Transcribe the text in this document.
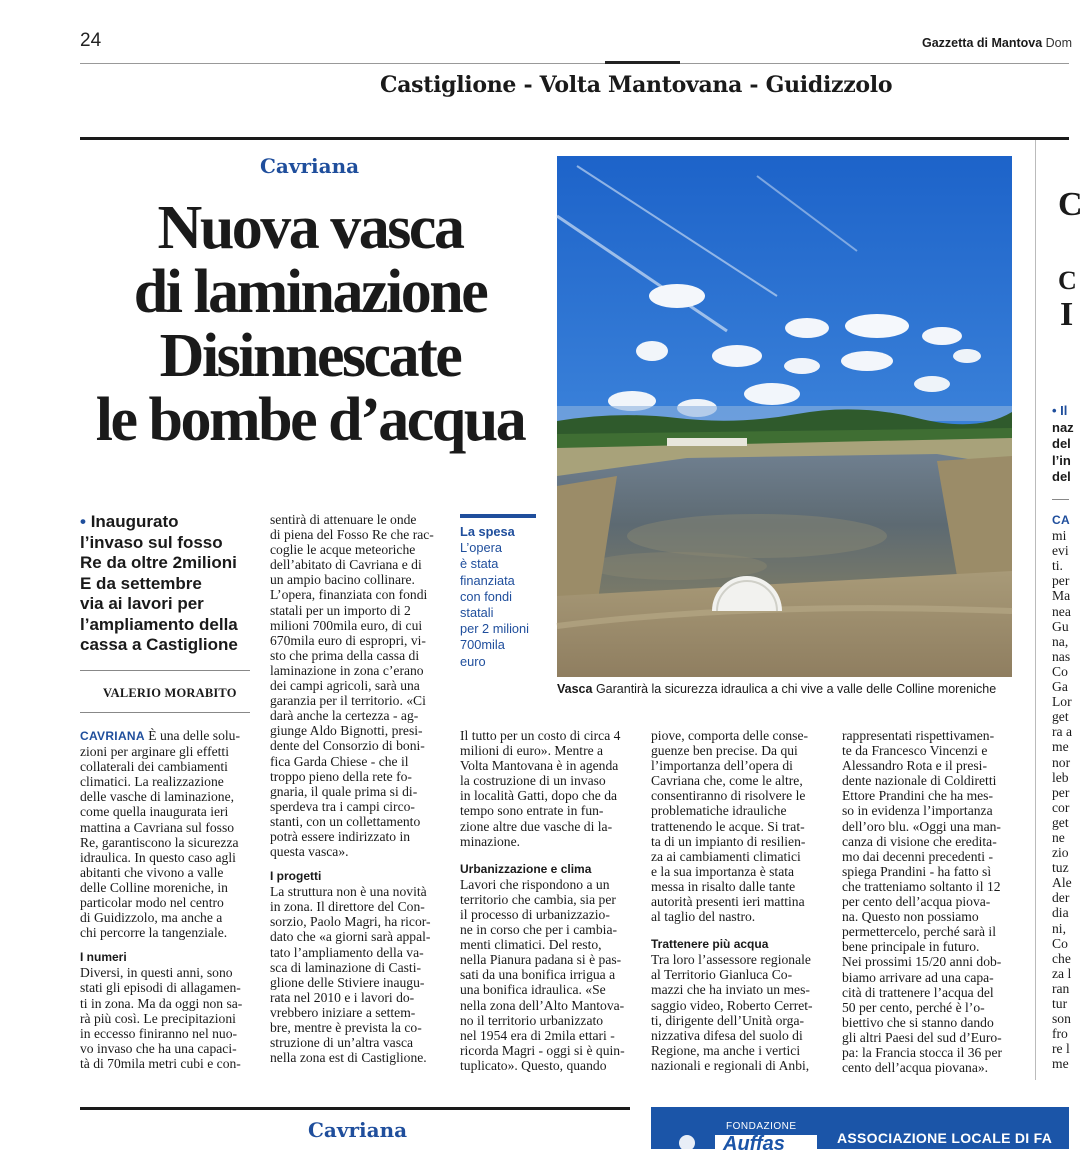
24	Gazzetta di Mantova Dom
Castiglione - Volta Mantovana - Guidizzolo
Cavriana
Nuova vasca
di laminazione
Disinnescate
le bombe d’acqua
• Inaugurato
l’invaso sul fosso
Re da oltre 2milioni
E da settembre
via ai lavori per
l’ampliamento della
cassa a Castiglione
VALERIO MORABITO	Vasca Garantirà la sicurezza idraulica a chi vive a valle delle Colline moreniche
La spesa
L’opera
è stata
finanziata
con fondi
statali
per 2 milioni
700mila
euro
CAVRIANA È una delle solu-
zioni per arginare gli effetti
collaterali dei cambiamenti
climatici. La realizzazione
delle vasche di laminazione,
come quella inaugurata ieri
mattina a Cavriana sul fosso
Re, garantiscono la sicurezza
idraulica. In questo caso agli
abitanti che vivono a valle
delle Colline moreniche, in
particolar modo nel centro
di Guidizzolo, ma anche a
chi percorre la tangenziale.
I numeri
Diversi, in questi anni, sono
stati gli episodi di allagamen-
ti in zona. Ma da oggi non sa-
rà più così. Le precipitazioni
in eccesso finiranno nel nuo-
vo invaso che ha una capaci-
tà di 70mila metri cubi e con-
sentirà di attenuare le onde
di piena del Fosso Re che rac-
coglie le acque meteoriche
dell’abitato di Cavriana e di
un ampio bacino collinare.
L’opera, finanziata con fondi
statali per un importo di 2
milioni 700mila euro, di cui
670mila euro di espropri, vi-
sto che prima della cassa di
laminazione in zona c’erano
dei campi agricoli, sarà una
garanzia per il territorio. «Ci
darà anche la certezza - ag-
giunge Aldo Bignotti, presi-
dente del Consorzio di boni-
fica Garda Chiese - che il
troppo pieno della rete fo-
gnaria, il quale prima si di-
sperdeva tra i campi circo-
stanti, con un collettamento
potrà essere indirizzato in
questa vasca».
I progetti
La struttura non è una novità
in zona. Il direttore del Con-
sorzio, Paolo Magri, ha ricor-
dato che «a giorni sarà appal-
tato l’ampliamento della va-
sca di laminazione di Casti-
glione delle Stiviere inaugu-
rata nel 2010 e i lavori do-
vrebbero iniziare a settem-
bre, mentre è prevista la co-
struzione di un’altra vasca
nella zona est di Castiglione.
Il tutto per un costo di circa 4
milioni di euro». Mentre a
Volta Mantovana è in agenda
la costruzione di un invaso
in località Gatti, dopo che da
tempo sono entrate in fun-
zione altre due vasche di la-
minazione.
Urbanizzazione e clima
Lavori che rispondono a un
territorio che cambia, sia per
il processo di urbanizzazio-
ne in corso che per i cambia-
menti climatici. Del resto,
nella Pianura padana si è pas-
sati da una bonifica irrigua a
una bonifica idraulica. «Se
nella zona dell’Alto Mantova-
no il territorio urbanizzato
nel 1954 era di 2mila ettari -
ricorda Magri - oggi si è quin-
tuplicato». Questo, quando
piove, comporta delle conse-
guenze ben precise. Da qui
l’importanza dell’opera di
Cavriana che, come le altre,
consentiranno di risolvere le
problematiche idrauliche
trattenendo le acque. Si trat-
ta di un impianto di resilien-
za ai cambiamenti climatici
e la sua importanza è stata
messa in risalto dalle tante
autorità presenti ieri mattina
al taglio del nastro.
Trattenere più acqua
Tra loro l’assessore regionale
al Territorio Gianluca Co-
mazzi che ha inviato un mes-
saggio video, Roberto Cerret-
ti, dirigente dell’Unità orga-
nizzativa difesa del suolo di
Regione, ma anche i vertici
nazionali e regionali di Anbi,
rappresentati rispettivamen-
te da Francesco Vincenzi e
Alessandro Rota e il presi-
dente nazionale di Coldiretti
Ettore Prandini che ha mes-
so in evidenza l’importanza
dell’oro blu. «Oggi una man-
canza di visione che eredita-
mo dai decenni precedenti -
spiega Prandini - ha fatto sì
che tratteniamo soltanto il 12
per cento dell’acqua piova-
na. Questo non possiamo
permettercelo, perché sarà il
bene principale in futuro.
Nei prossimi 15/20 anni dob-
biamo arrivare ad una capa-
cità di trattenere l’acqua del
50 per cento, perché è l’o-
biettivo che si stanno dando
gli altri Paesi del sud d’Euro-
pa: la Francia stocca il 36 per
cento dell’acqua piovana».
C
C
I
• Il
naz
del
l’in
del
CA
mi
evi
ti.
per
Ma
nea
Gu
na,
nas
Co
Ga
Lor
get
ra a
me
nor
leb
per
cor
get
ne
zio
tuz
Ale
der
dia
ni,
Co
che
za l
ran
tur
son
fro
re l
me
Cavriana	FONDAZIONE
Auffas	ASSOCIAZIONE LOCALE DI FA
